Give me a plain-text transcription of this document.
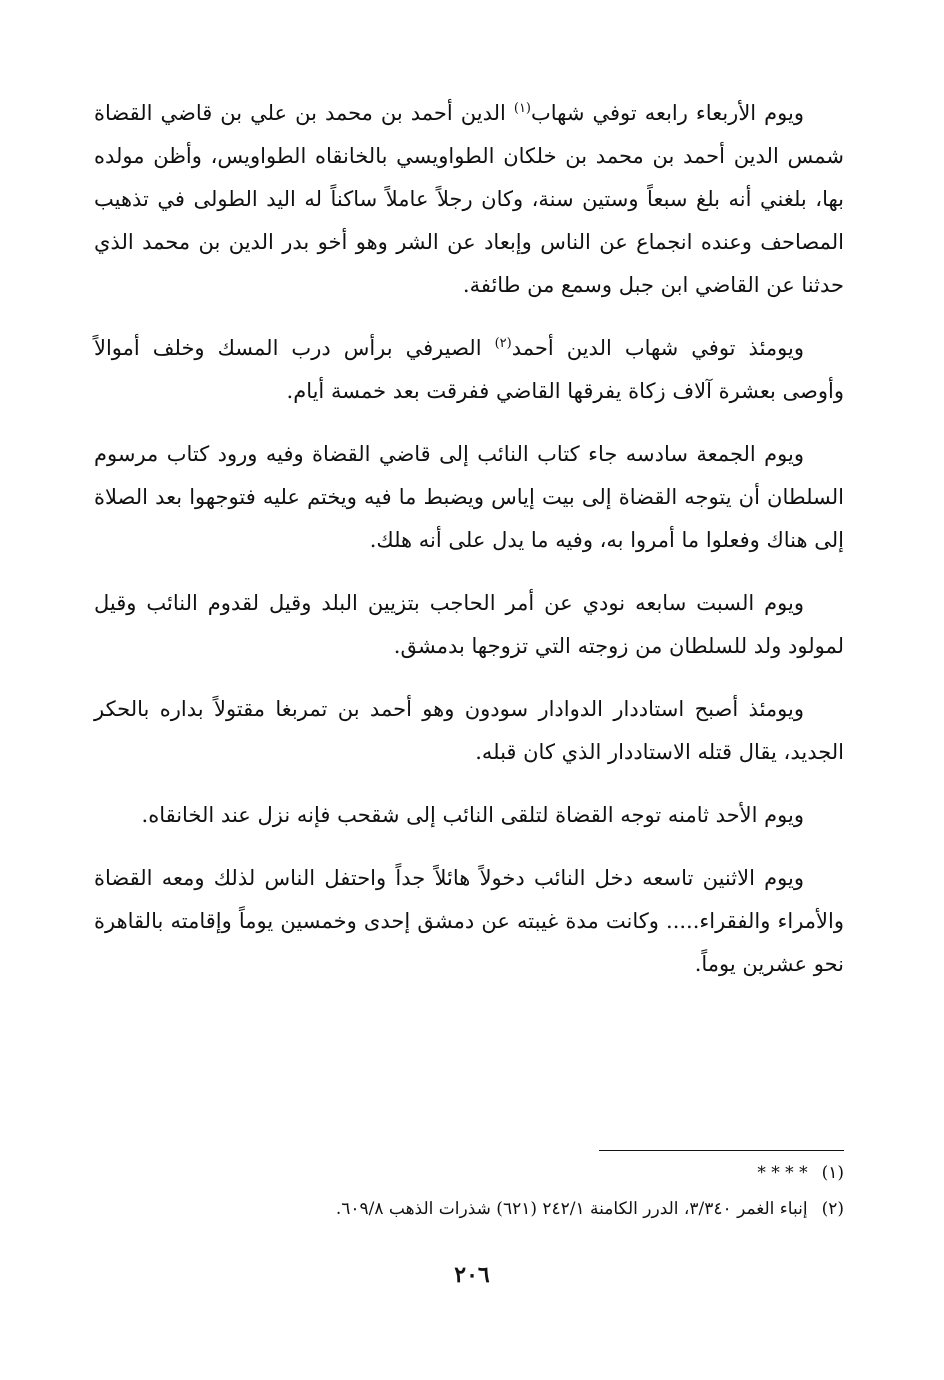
ويوم الأربعاء رابعه توفي شهاب$^{(١)}$ الدين أحمد بن محمد بن علي بن قاضي القضاة شمس الدين أحمد بن محمد بن خلكان الطواويسي بالخانقاه الطواويس، وأظن مولده بها، بلغني أنه بلغ سبعاً وستين سنة، وكان رجلاً عاملاً ساكناً له اليد الطولى في تذهيب المصاحف وعنده انجماع عن الناس وإبعاد عن الشر وهو أخو بدر الدين بن محمد الذي حدثنا عن القاضي ابن جبل وسمع من طائفة.

ويومئذ توفي شهاب الدين أحمد$^{(٢)}$ الصيرفي برأس درب المسك وخلف أموالاً وأوصى بعشرة آلاف زكاة يفرقها القاضي ففرقت بعد خمسة أيام.

ويوم الجمعة سادسه جاء كتاب النائب إلى قاضي القضاة وفيه ورود كتاب مرسوم السلطان أن يتوجه القضاة إلى بيت إياس ويضبط ما فيه ويختم عليه فتوجهوا بعد الصلاة إلى هناك وفعلوا ما أمروا به، وفيه ما يدل على أنه هلك.

ويوم السبت سابعه نودي عن أمر الحاجب بتزيين البلد وقيل لقدوم النائب وقيل لمولود ولد للسلطان من زوجته التي تزوجها بدمشق.

ويومئذ أصبح استاددار الدوادار سودون وهو أحمد بن تمربغا مقتولاً بداره بالحكر الجديد، يقال قتله الاستاددار الذي كان قبله.

ويوم الأحد ثامنه توجه القضاة لتلقى النائب إلى شقحب فإنه نزل عند الخانقاه.

ويوم الاثنين تاسعه دخل النائب دخولاً هائلاً جداً واحتفل الناس لذلك ومعه القضاة والأمراء والفقراء..... وكانت مدة غيبته عن دمشق إحدى وخمسين يوماً وإقامته بالقاهرة نحو عشرين يوماً.

(١)* * * *
(٢)إنباء الغمر ٣/٣٤٠، الدرر الكامنة ٢٤٢/١ (٦٢١) شذرات الذهب ٦٠٩/٨.
٢٠٦
